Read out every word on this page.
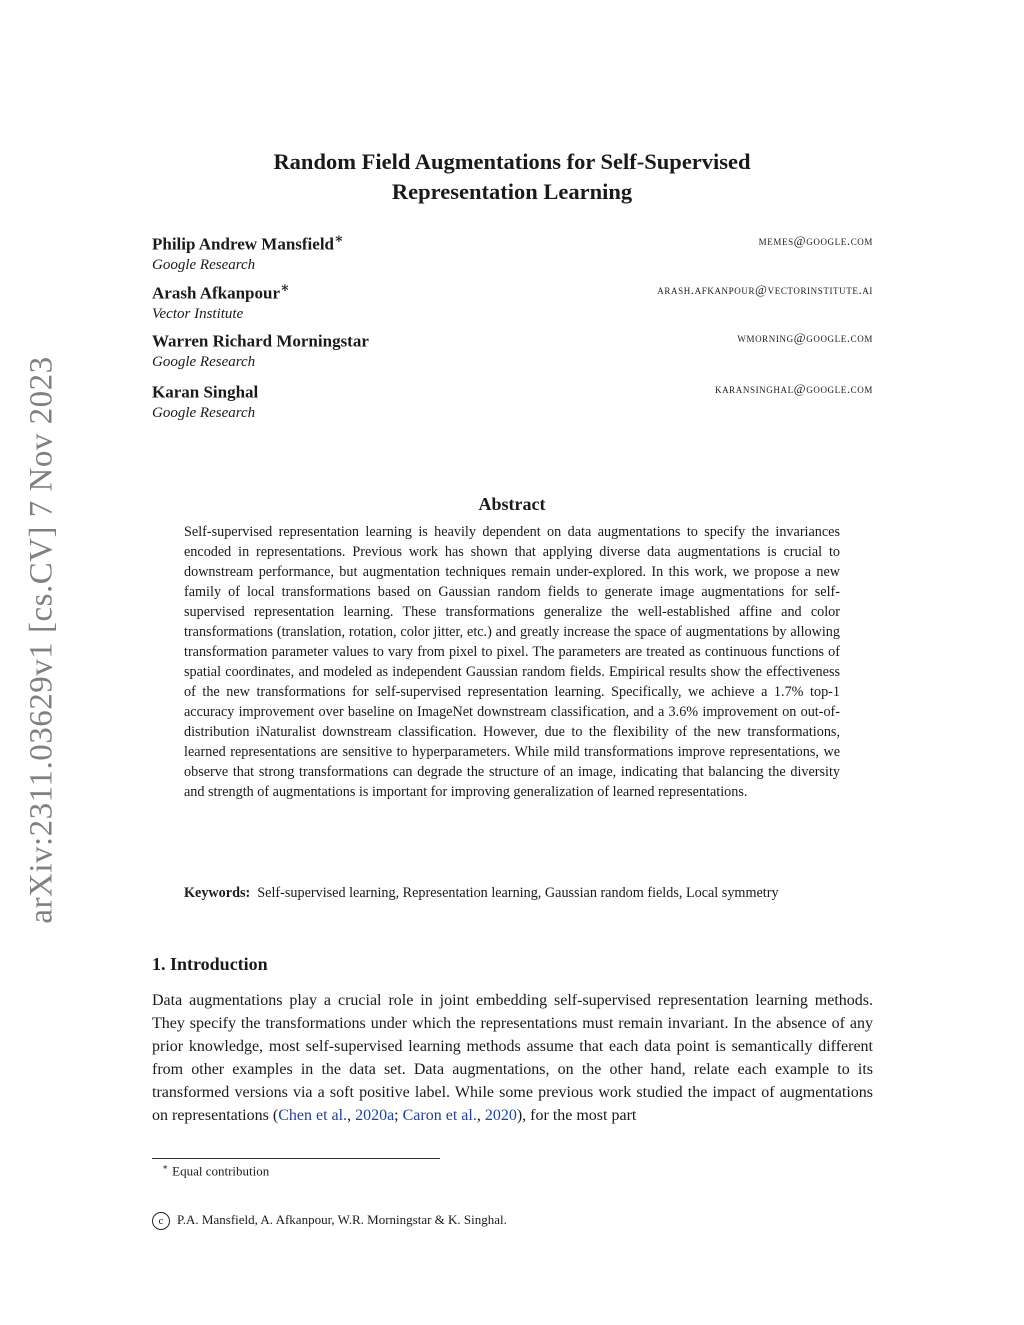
arXiv:2311.03629v1 [cs.CV] 7 Nov 2023
Random Field Augmentations for Self-Supervised
Representation Learning
Philip Andrew Mansfield∗
Google Research
memes@google.com
Arash Afkanpour∗
Vector Institute
arash.afkanpour@vectorinstitute.ai
Warren Richard Morningstar
Google Research
wmorning@google.com
Karan Singhal
Google Research
karansinghal@google.com
Abstract
Self-supervised representation learning is heavily dependent on data augmentations to specify the invariances encoded in representations. Previous work has shown that applying diverse data augmentations is crucial to downstream performance, but augmentation techniques remain under-explored. In this work, we propose a new family of local transformations based on Gaussian random fields to generate image augmentations for self-supervised representation learning. These transformations generalize the well-established affine and color transformations (translation, rotation, color jitter, etc.) and greatly increase the space of augmentations by allowing transformation parameter values to vary from pixel to pixel. The parameters are treated as continuous functions of spatial coordinates, and modeled as independent Gaussian random fields. Empirical results show the effectiveness of the new transformations for self-supervised representation learning. Specifically, we achieve a 1.7% top-1 accuracy improvement over baseline on ImageNet downstream classification, and a 3.6% improvement on out-of-distribution iNaturalist downstream classification. However, due to the flexibility of the new transformations, learned representations are sensitive to hyperparameters. While mild transformations improve representations, we observe that strong transformations can degrade the structure of an image, indicating that balancing the diversity and strength of augmentations is important for improving generalization of learned representations.
Keywords: Self-supervised learning, Representation learning, Gaussian random fields, Local symmetry
1. Introduction
Data augmentations play a crucial role in joint embedding self-supervised representation learning methods. They specify the transformations under which the representations must remain invariant. In the absence of any prior knowledge, most self-supervised learning methods assume that each data point is semantically different from other examples in the data set. Data augmentations, on the other hand, relate each example to its transformed versions via a soft positive label. While some previous work studied the impact of augmentations on representations (Chen et al., 2020a; Caron et al., 2020), for the most part
∗ Equal contribution
c P.A. Mansfield, A. Afkanpour, W.R. Morningstar & K. Singhal.
